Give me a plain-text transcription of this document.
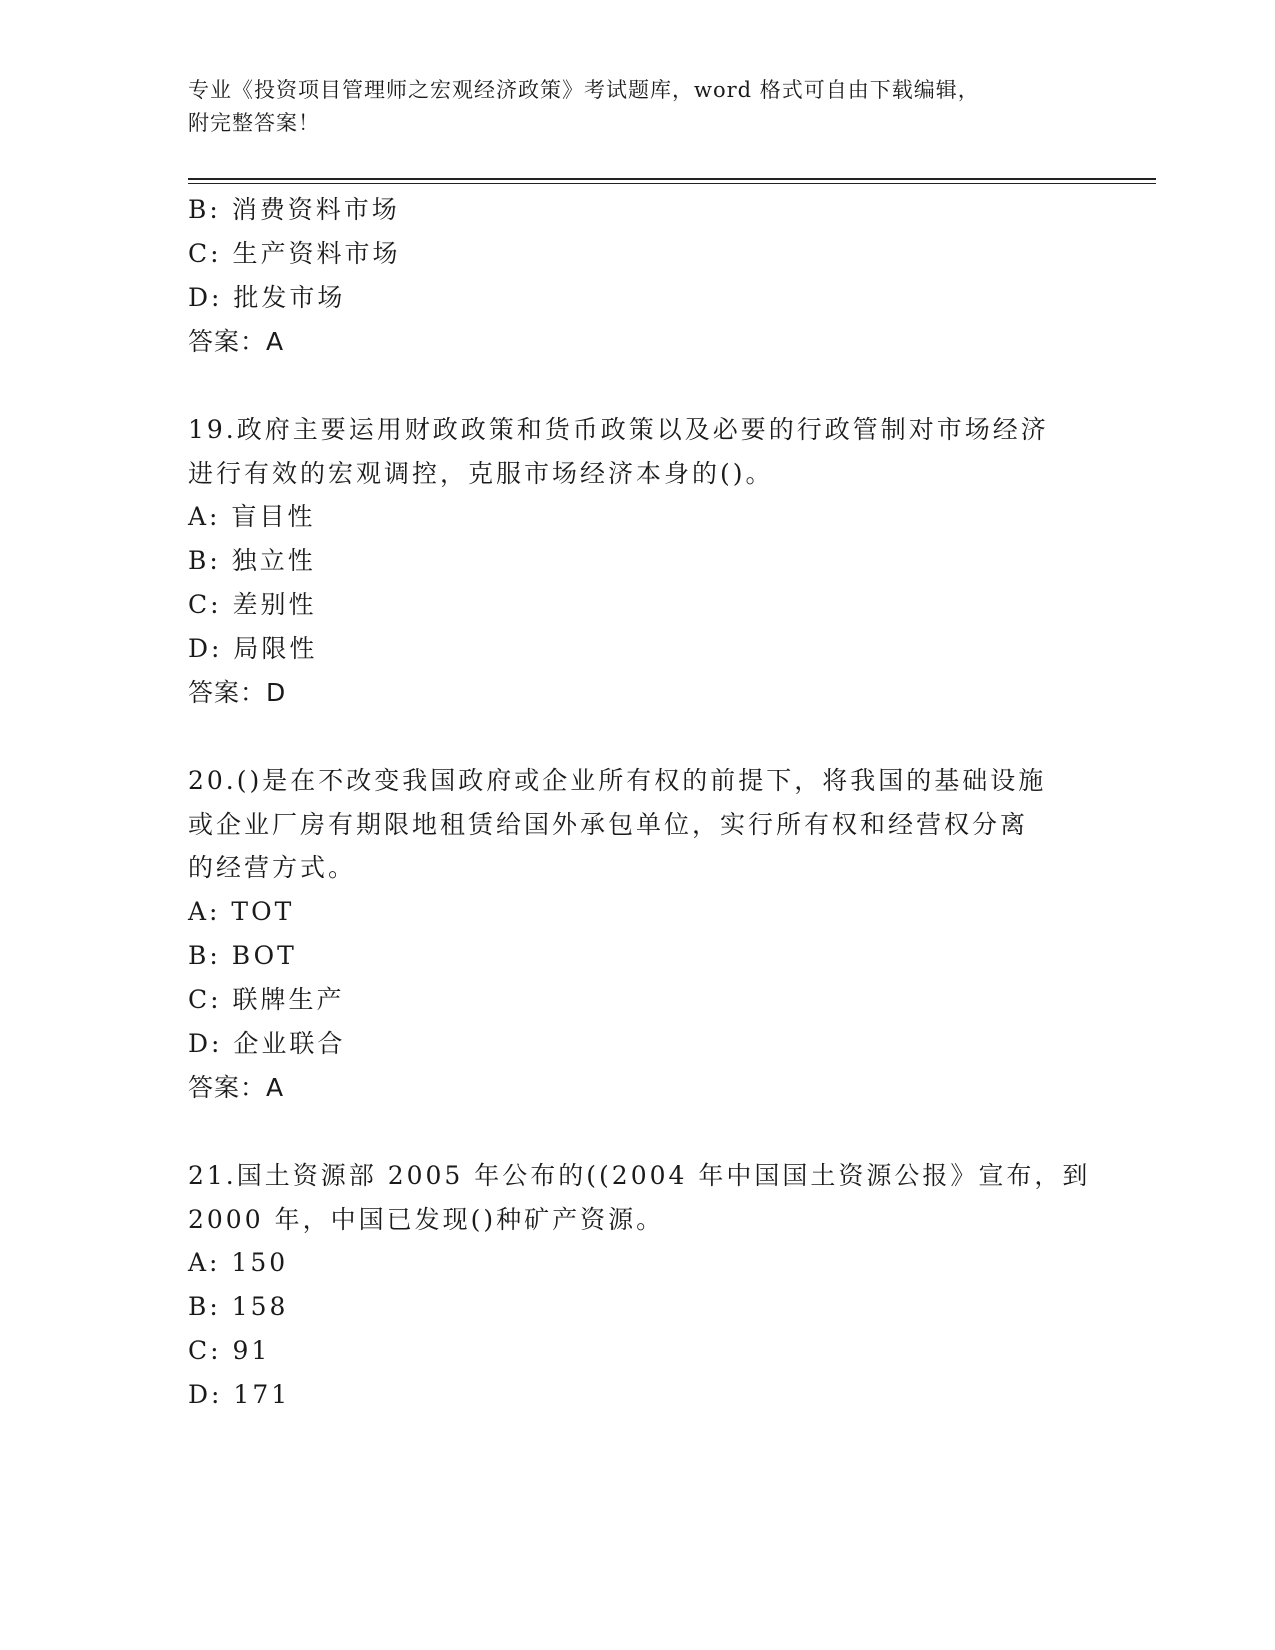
专业《投资项目管理师之宏观经济政策》考试题库，word 格式可自由下载编辑，
附完整答案！
B: 消费资料市场
C: 生产资料市场
D: 批发市场
答案：A
19.政府主要运用财政政策和货币政策以及必要的行政管制对市场经济
进行有效的宏观调控，克服市场经济本身的()。
A: 盲目性
B: 独立性
C: 差别性
D: 局限性
答案：D
20.()是在不改变我国政府或企业所有权的前提下，将我国的基础设施
或企业厂房有期限地租赁给国外承包单位，实行所有权和经营权分离
的经营方式。
A: TOT
B: BOT
C: 联牌生产
D: 企业联合
答案：A
21.国土资源部 2005 年公布的((2004 年中国国土资源公报》宣布，到
2000 年，中国已发现()种矿产资源。
A: 150
B: 158
C: 91
D: 171
